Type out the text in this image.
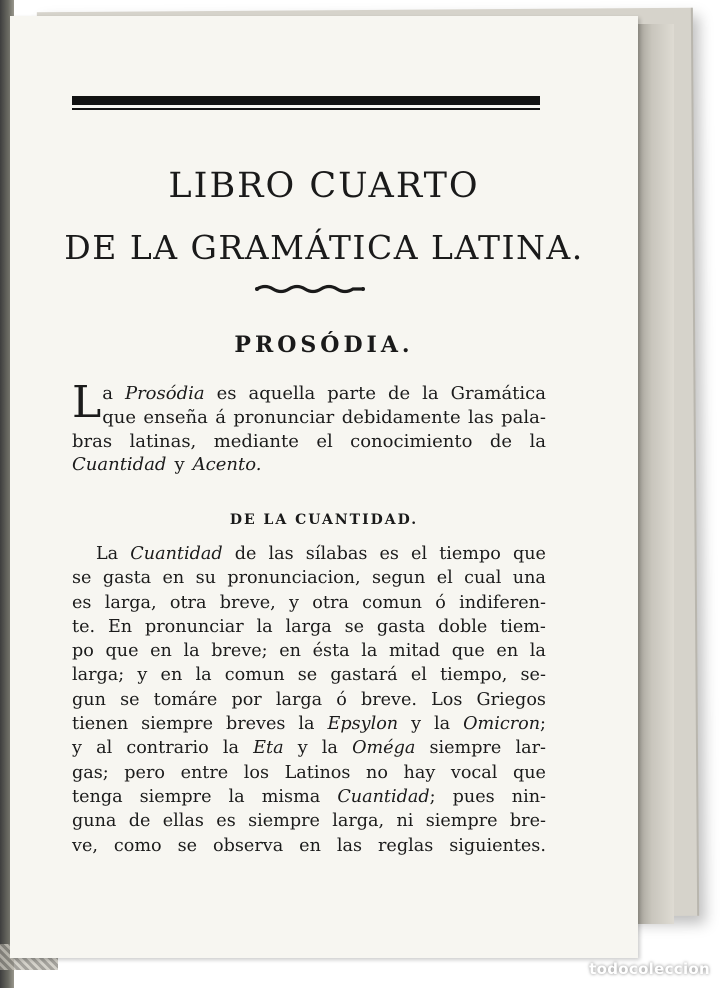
LIBRO CUARTO
DE LA GRAMÁTICA LATINA.
PROSÓDIA.
L a Prosódia es aquella parte de la Gramática
que enseña á pronunciar debidamente las pala-
bras latinas, mediante el conocimiento de la
Cuantidad y Acento.
DE LA CUANTIDAD.
La Cuantidad de las sílabas es el tiempo que
se gasta en su pronunciacion, segun el cual una
es larga, otra breve, y otra comun ó indiferen-
te. En pronunciar la larga se gasta doble tiem-
po que en la breve; en ésta la mitad que en la
larga; y en la comun se gastará el tiempo, se-
gun se tomáre por larga ó breve. Los Griegos
tienen siempre breves la Epsylon y la Omicron;
y al contrario la Eta y la Oméga siempre lar-
gas; pero entre los Latinos no hay vocal que
tenga siempre la misma Cuantidad; pues nin-
guna de ellas es siempre larga, ni siempre bre-
ve, como se observa en las reglas siguientes.
todocoleccion
